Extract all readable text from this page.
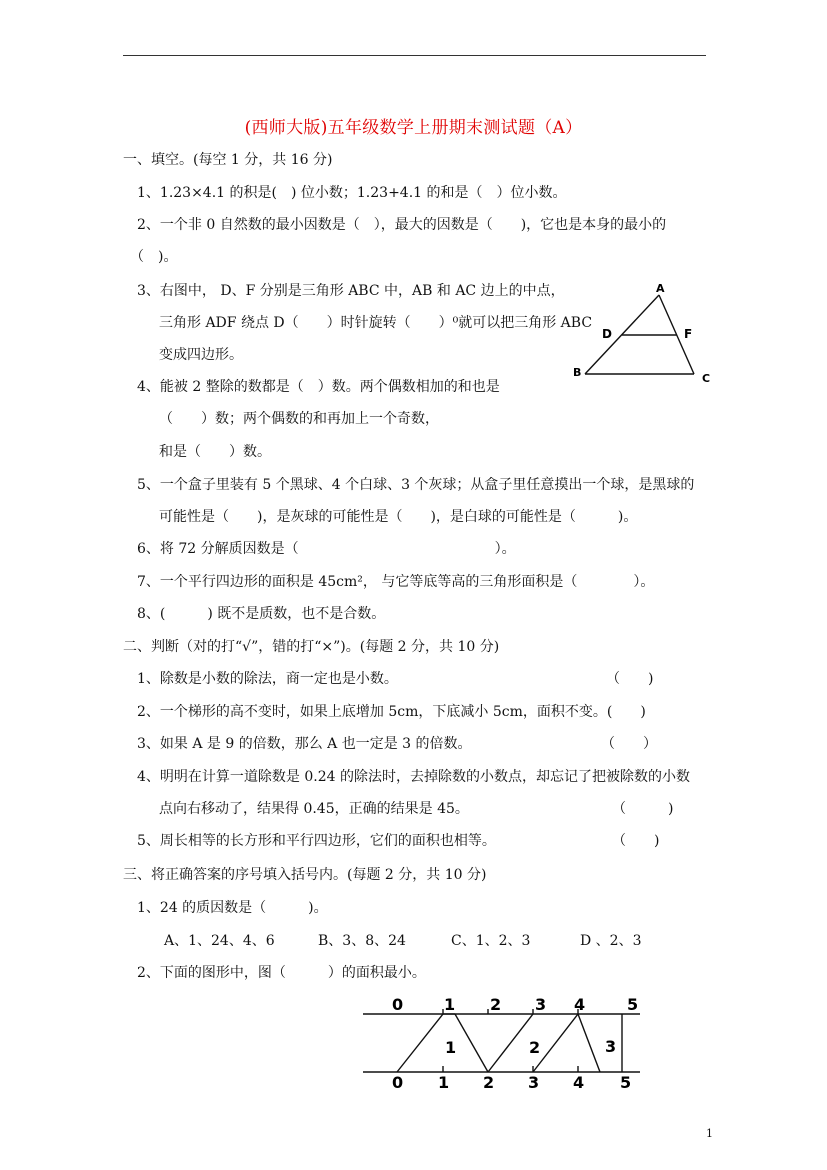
(西师大版)五年级数学上册期末测试题（A）
一、填空。(每空 1 分，共 16 分)
1、1.23×4.1 的积是(　) 位小数；1.23+4.1 的和是（　）位小数。
2、一个非 0 自然数的最小因数是（　），最大的因数是（　　)，它也是本身的最小的
（　)。
3、右图中， D、F 分别是三角形 ABC 中，AB 和 AC 边上的中点，
三角形 ADF 绕点 D（　　）时针旋转（　　）⁰就可以把三角形 ABC
变成四边形。
A
D	F
B	C
4、能被 2 整除的数都是（　）数。两个偶数相加的和也是
（　　）数；两个偶数的和再加上一个奇数，
和是（　　）数。
5、一个盒子里装有 5 个黑球、4 个白球、3 个灰球；从盒子里任意摸出一个球，是黑球的
可能性是（　　)，是灰球的可能性是（　　)，是白球的可能性是（　　　)。
6、将 72 分解质因数是（　　　　　　　　　　　　　　）。
7、一个平行四边形的面积是 45cm²， 与它等底等高的三角形面积是（　　　　）。
8、(　　　) 既不是质数，也不是合数。
二、判断（对的打“√”，错的打“×”)。(每题 2 分，共 10 分)
1、除数是小数的除法，商一定也是小数。	（　　)
2、一个梯形的高不变时，如果上底增加 5cm，下底减小 5cm，面积不变。(　　)
3、如果 A 是 9 的倍数，那么 A 也一定是 3 的倍数。	（　　）
4、明明在计算一道除数是 0.24 的除法时，去掉除数的小数点，却忘记了把被除数的小数
点向右移动了，结果得 0.45，正确的结果是 45。	（　　　)
5、周长相等的长方形和平行四边形，它们的面积也相等。	（　　)
三、将正确答案的序号填入括号内。(每题 2 分，共 10 分)
1、24 的质因数是（　　　)。
A、1、24、4、6	B、3、8、24	C、1、2、3	D 、2、3
2、下面的图形中，图（　　　）的面积最小。
0	1 2 3 4	5
0 1 2 3 4 5
1	2	3
1
